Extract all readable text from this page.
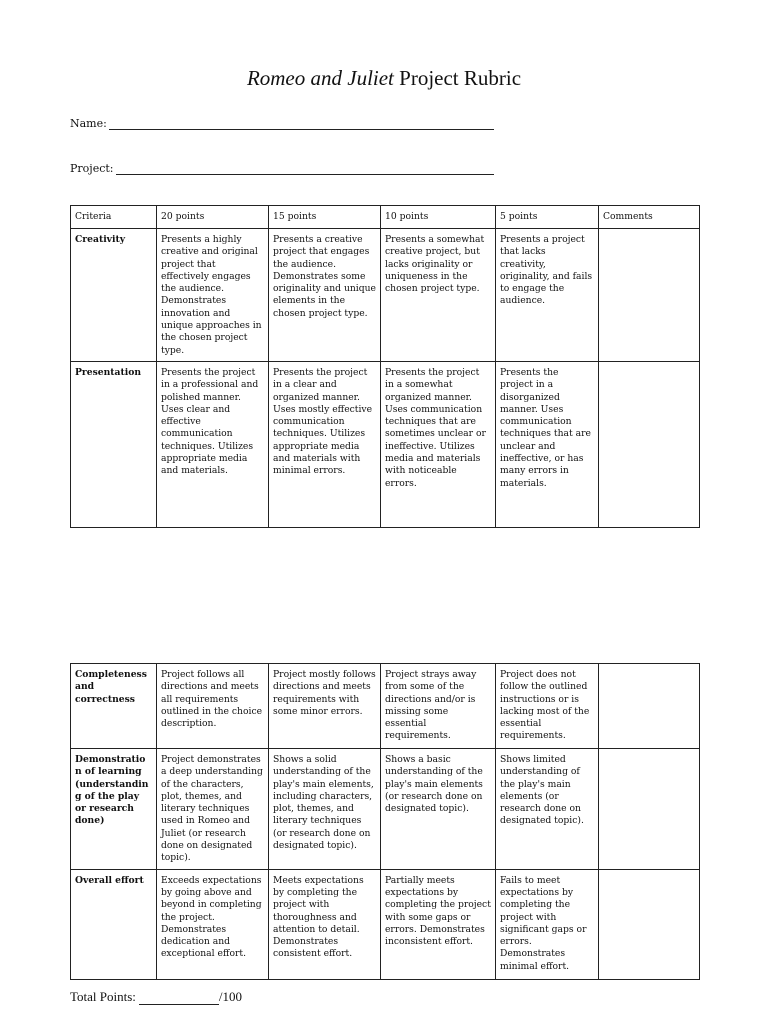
Romeo and Juliet Project Rubric
Name:
Project:
Criteria	20 points	15 points	10 points	5 points	Comments
Creativity	Presents a highly creative and original project that effectively engages the audience. Demonstrates innovation and unique approaches in the chosen project type.	Presents a creative project that engages the audience. Demonstrates some originality and unique elements in the chosen project type.	Presents a somewhat creative project, but lacks originality or uniqueness in the chosen project type.	Presents a project that lacks creativity, originality, and fails to engage the audience.	
Presentation	Presents the project in a professional and polished manner. Uses clear and effective communication techniques. Utilizes appropriate media and materials.	Presents the project in a clear and organized manner. Uses mostly effective communication techniques. Utilizes appropriate media and materials with minimal errors.	Presents the project in a somewhat organized manner. Uses communication techniques that are sometimes unclear or ineffective. Utilizes media and materials with noticeable errors.	Presents the project in a disorganized manner. Uses communication techniques that are unclear and ineffective, or has many errors in materials.	
Completeness and correctness	Project follows all directions and meets all requirements outlined in the choice description.	Project mostly follows directions and meets requirements with some minor errors.	Project strays away from some of the directions and/or is missing some essential requirements.	Project does not follow the outlined instructions or is lacking most of the essential requirements.	
Demonstration of learning (understanding of the play or research done)	Project demonstrates a deep understanding of the characters, plot, themes, and literary techniques used in Romeo and Juliet (or research done on designated topic).	Shows a solid understanding of the play's main elements, including characters, plot, themes, and literary techniques (or research done on designated topic).	Shows a basic understanding of the play's main elements (or research done on designated topic).	Shows limited understanding of the play's main elements (or research done on designated topic).	
Overall effort	Exceeds expectations by going above and beyond in completing the project. Demonstrates dedication and exceptional effort.	Meets expectations by completing the project with thoroughness and attention to detail. Demonstrates consistent effort.	Partially meets expectations by completing the project with some gaps or errors. Demonstrates inconsistent effort.	Fails to meet expectations by completing the project with significant gaps or errors. Demonstrates minimal effort.	
Total Points:	/100
